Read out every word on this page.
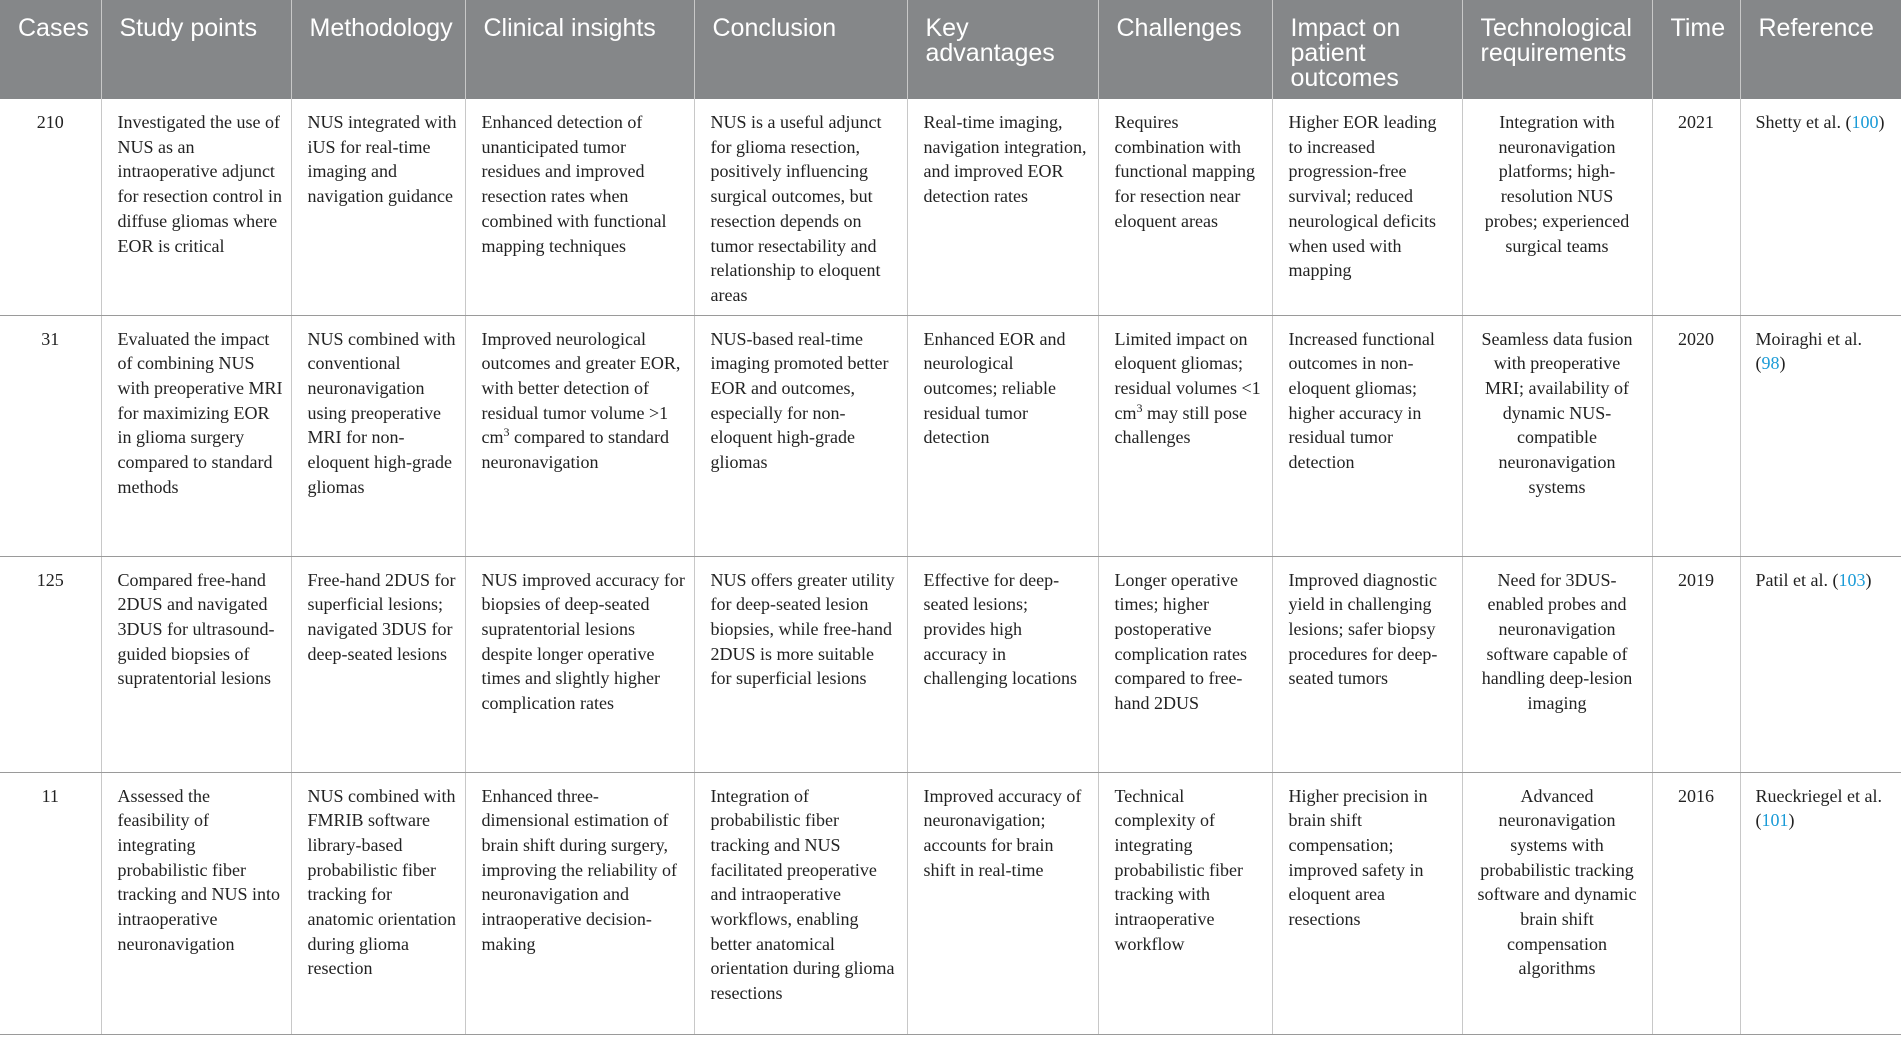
Cases	Study points	Methodology	Clinical insights	Conclusion	Key advantages	Challenges	Impact on patient outcomes	Technological requirements	Time	Reference
210	Investigated the use of NUS as an intraoperative adjunct for resection control in diffuse gliomas where EOR is critical	NUS integrated with iUS for real-time imaging and navigation guidance	Enhanced detection of unanticipated tumor residues and improved resection rates when combined with functional mapping techniques	NUS is a useful adjunct for glioma resection, positively influencing surgical outcomes, but resection depends on tumor resectability and relationship to eloquent areas	Real-time imaging, navigation integration, and improved EOR detection rates	Requires combination with functional mapping for resection near eloquent areas	Higher EOR leading to increased progression-free survival; reduced neurological deficits when used with mapping	Integration with neuronavigation platforms; high-resolution NUS probes; experienced surgical teams	2021	Shetty et al. (100)
31	Evaluated the impact of combining NUS with preoperative MRI for maximizing EOR in glioma surgery compared to standard methods	NUS combined with conventional neuronavigation using preoperative MRI for non-eloquent high-grade gliomas	Improved neurological outcomes and greater EOR, with better detection of residual tumor volume >1 $cm^3$ compared to standard neuronavigation	NUS-based real-time imaging promoted better EOR and outcomes, especially for non-eloquent high-grade gliomas	Enhanced EOR and neurological outcomes; reliable residual tumor detection	Limited impact on eloquent gliomas; residual volumes <1 $cm^3$ may still pose challenges	Increased functional outcomes in non-eloquent gliomas; higher accuracy in residual tumor detection	Seamless data fusion with preoperative MRI; availability of dynamic NUS-compatible neuronavigation systems	2020	Moiraghi et al. (98)
125	Compared free-hand 2DUS and navigated 3DUS for ultrasound-guided biopsies of supratentorial lesions	Free-hand 2DUS for superficial lesions; navigated 3DUS for deep-seated lesions	NUS improved accuracy for biopsies of deep-seated supratentorial lesions despite longer operative times and slightly higher complication rates	NUS offers greater utility for deep-seated lesion biopsies, while free-hand 2DUS is more suitable for superficial lesions	Effective for deep-seated lesions; provides high accuracy in challenging locations	Longer operative times; higher postoperative complication rates compared to free-hand 2DUS	Improved diagnostic yield in challenging lesions; safer biopsy procedures for deep-seated tumors	Need for 3DUS-enabled probes and neuronavigation software capable of handling deep-lesion imaging	2019	Patil et al. (103)
11	Assessed the feasibility of integrating probabilistic fiber tracking and NUS into intraoperative neuronavigation	NUS combined with FMRIB software library-based probabilistic fiber tracking for anatomic orientation during glioma resection	Enhanced three-dimensional estimation of brain shift during surgery, improving the reliability of neuronavigation and intraoperative decision-making	Integration of probabilistic fiber tracking and NUS facilitated preoperative and intraoperative workflows, enabling better anatomical orientation during glioma resections	Improved accuracy of neuronavigation; accounts for brain shift in real-time	Technical complexity of integrating probabilistic fiber tracking with intraoperative workflow	Higher precision in brain shift compensation; improved safety in eloquent area resections	Advanced neuronavigation systems with probabilistic tracking software and dynamic brain shift compensation algorithms	2016	Rueckriegel et al. (101)
